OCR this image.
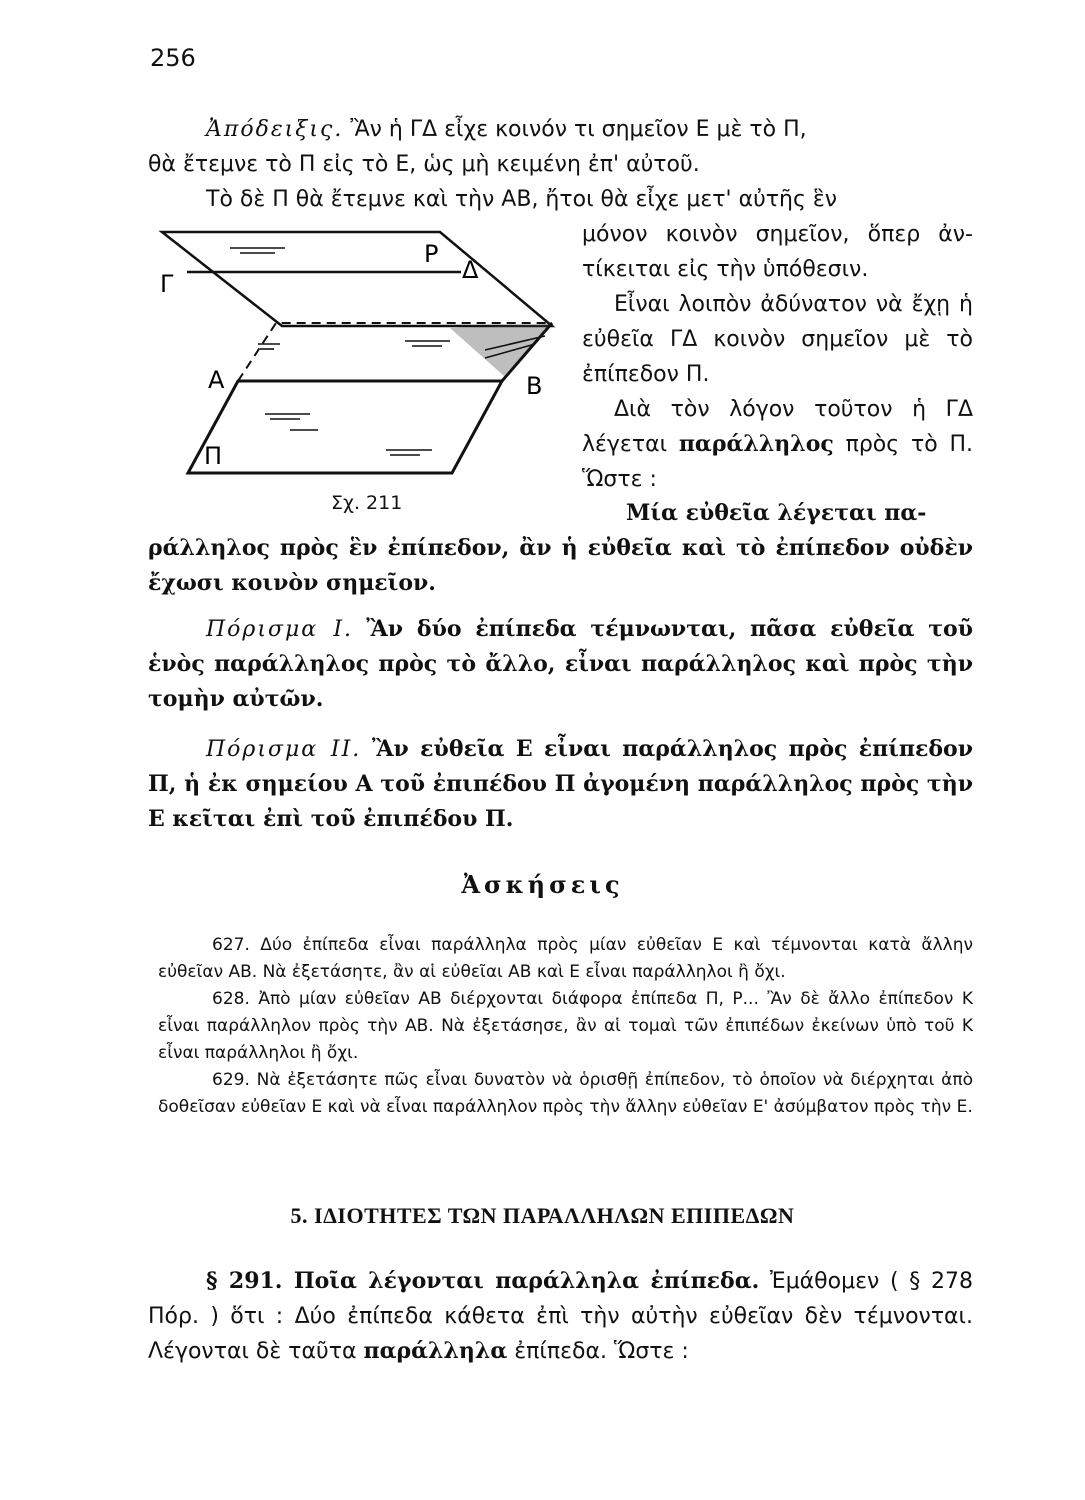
256

Ἀπόδειξις. Ἂν ἡ ΓΔ εἶχε κοινόν τι σημεῖον Ε μὲ τὸ Π,

θὰ ἔτεμνε τὸ Π εἰς τὸ Ε, ὡς μὴ κειμένη ἐπ' αὐτοῦ.

Τὸ δὲ Π θὰ ἔτεμνε καὶ τὴν ΑΒ, ἤτοι θὰ εἶχε μετ' αὐτῆς ἓν

μόνον κοινὸν σημεῖον, ὅπερ ἀν-τίκειται εἰς τὴν ὑπόθεσιν.

Εἶναι λοιπὸν ἀδύνατον νὰ ἔχῃ ἡ εὐθεῖα ΓΔ κοινὸν σημεῖον μὲ τὸ ἐπίπεδον Π.

Διὰ τὸν λόγον τοῦτον ἡ ΓΔ λέγεται παράλληλος πρὸς τὸ Π. Ὥστε :

Γ	Δ
Ρ
Α	Β
Π
Σχ. 211	Μία εὐθεῖα λέγεται πα-

ράλληλος πρὸς ἓν ἐπίπεδον, ἂν ἡ εὐθεῖα καὶ τὸ ἐπίπεδον οὐδὲν ἔχωσι κοινὸν σημεῖον.

Πόρισμα I. Ἂν δύο ἐπίπεδα τέμνωνται, πᾶσα εὐθεῖα τοῦ ἑνὸς παράλληλος πρὸς τὸ ἄλλο, εἶναι παράλληλος καὶ πρὸς τὴν τομὴν αὐτῶν.

Πόρισμα II. Ἂν εὐθεῖα Ε εἶναι παράλληλος πρὸς ἐπίπεδον Π, ἡ ἐκ σημείου Α τοῦ ἐπιπέδου Π ἀγομένη παράλληλος πρὸς τὴν Ε κεῖται ἐπὶ τοῦ ἐπιπέδου Π.

Ἀσκήσεις

627. Δύο ἐπίπεδα εἶναι παράλληλα πρὸς μίαν εὐθεῖαν Ε καὶ τέμνονται κατὰ ἄλλην εὐθεῖαν ΑΒ. Νὰ ἐξετάσητε, ἂν αἱ εὐθεῖαι ΑΒ καὶ Ε εἶναι παράλληλοι ἢ ὄχι.

628. Ἀπὸ μίαν εὐθεῖαν ΑΒ διέρχονται διάφορα ἐπίπεδα Π, Ρ... Ἂν δὲ ἄλλο ἐπίπεδον Κ εἶναι παράλληλον πρὸς τὴν ΑΒ. Νὰ ἐξετάσησε, ἂν αἱ τομαὶ τῶν ἐπιπέδων ἐκείνων ὑπὸ τοῦ Κ εἶναι παράλληλοι ἢ ὄχι.

629. Νὰ ἐξετάσητε πῶς εἶναι δυνατὸν νὰ ὁρισθῇ ἐπίπεδον, τὸ ὁποῖον νὰ διέρχηται ἀπὸ δοθεῖσαν εὐθεῖαν Ε καὶ νὰ εἶναι παράλληλον πρὸς τὴν ἄλλην εὐθεῖαν Ε' ἀσύμβατον πρὸς τὴν Ε.

5. ΙΔΙΟΤΗΤΕΣ ΤΩΝ ΠΑΡΑΛΛΗΛΩΝ ΕΠΙΠΕΔΩΝ

§ 291. Ποῖα λέγονται παράλληλα ἐπίπεδα. Ἐμάθομεν ( § 278 Πόρ. ) ὅτι : Δύο ἐπίπεδα κάθετα ἐπὶ τὴν αὐτὴν εὐθεῖαν δὲν τέμνονται. Λέγονται δὲ ταῦτα παράλληλα ἐπίπεδα. Ὥστε :
